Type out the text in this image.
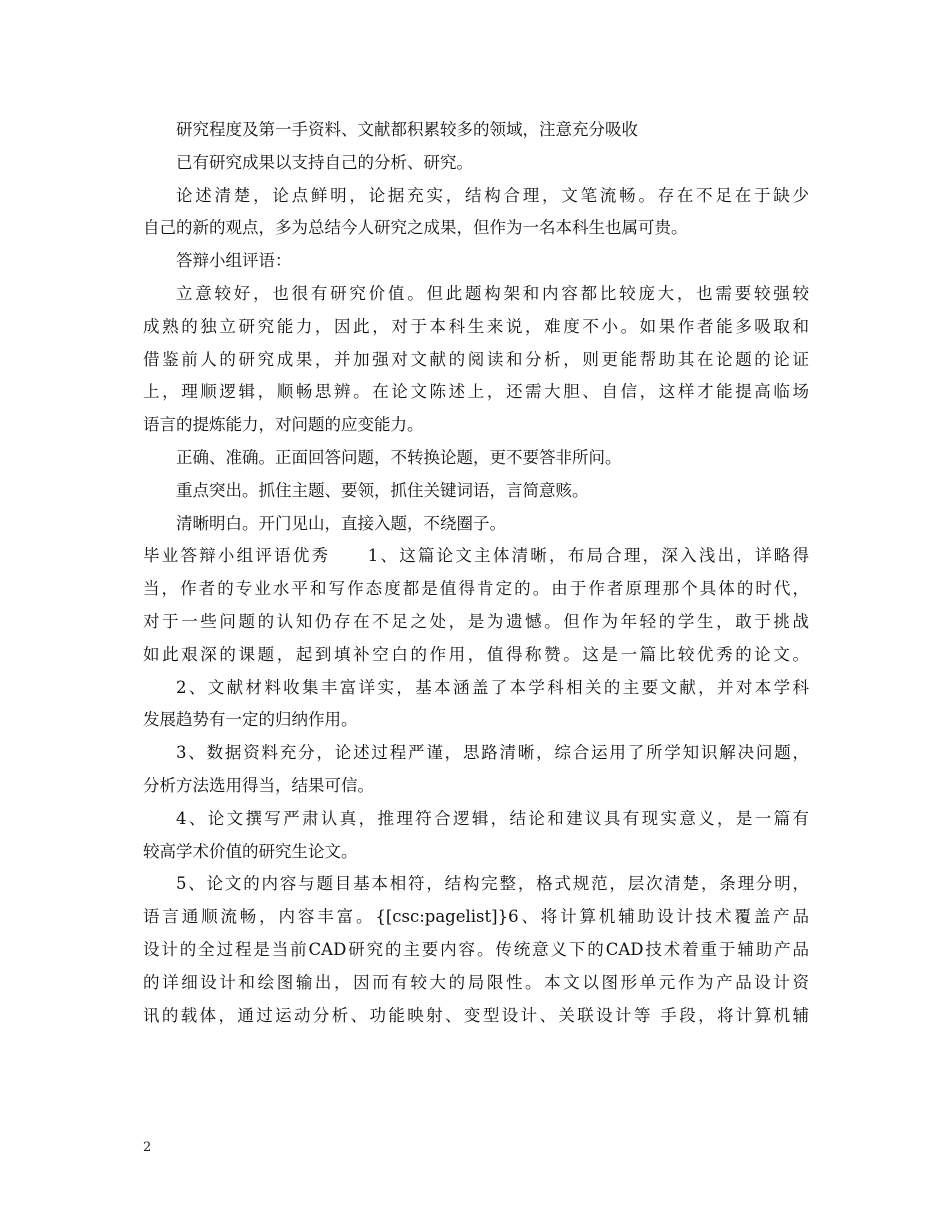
研究程度及第一手资料、文献都积累较多的领域，注意充分吸收
已有研究成果以支持自己的分析、研究。
论述清楚，论点鲜明，论据充实，结构合理，文笔流畅。存在不足在于缺少
自己的新的观点，多为总结今人研究之成果，但作为一名本科生也属可贵。
答辩小组评语：
立意较好，也很有研究价值。但此题构架和内容都比较庞大，也需要较强较
成熟的独立研究能力，因此，对于本科生来说，难度不小。如果作者能多吸取和
借鉴前人的研究成果，并加强对文献的阅读和分析，则更能帮助其在论题的论证
上，理顺逻辑，顺畅思辨。在论文陈述上，还需大胆、自信，这样才能提高临场
语言的提炼能力，对问题的应变能力。
正确、准确。正面回答问题，不转换论题，更不要答非所问。
重点突出。抓住主题、要领，抓住关键词语，言简意赅。
清晰明白。开门见山，直接入题，不绕圈子。
毕业答辩小组评语优秀　　1、这篇论文主体清晰，布局合理，深入浅出，详略得
当，作者的专业水平和写作态度都是值得肯定的。由于作者原理那个具体的时代，
对于一些问题的认知仍存在不足之处，是为遗憾。但作为年轻的学生，敢于挑战
如此艰深的课题，起到填补空白的作用，值得称赞。这是一篇比较优秀的论文。
2、文献材料收集丰富详实，基本涵盖了本学科相关的主要文献，并对本学科
发展趋势有一定的归纳作用。
3、数据资料充分，论述过程严谨，思路清晰，综合运用了所学知识解决问题，
分析方法选用得当，结果可信。
4、论文撰写严肃认真，推理符合逻辑，结论和建议具有现实意义，是一篇有
较高学术价值的研究生论文。
5、论文的内容与题目基本相符，结构完整，格式规范，层次清楚，条理分明，
语言通顺流畅，内容丰富。{[csc:pagelist]}6、将计算机辅助设计技术覆盖产品
设计的全过程是当前CAD研究的主要内容。传统意义下的CAD技术着重于辅助产品
的详细设计和绘图输出，因而有较大的局限性。本文以图形单元作为产品设计资
讯的载体，通过运动分析、功能映射、变型设计、关联设计等 手段，将计算机辅
2
